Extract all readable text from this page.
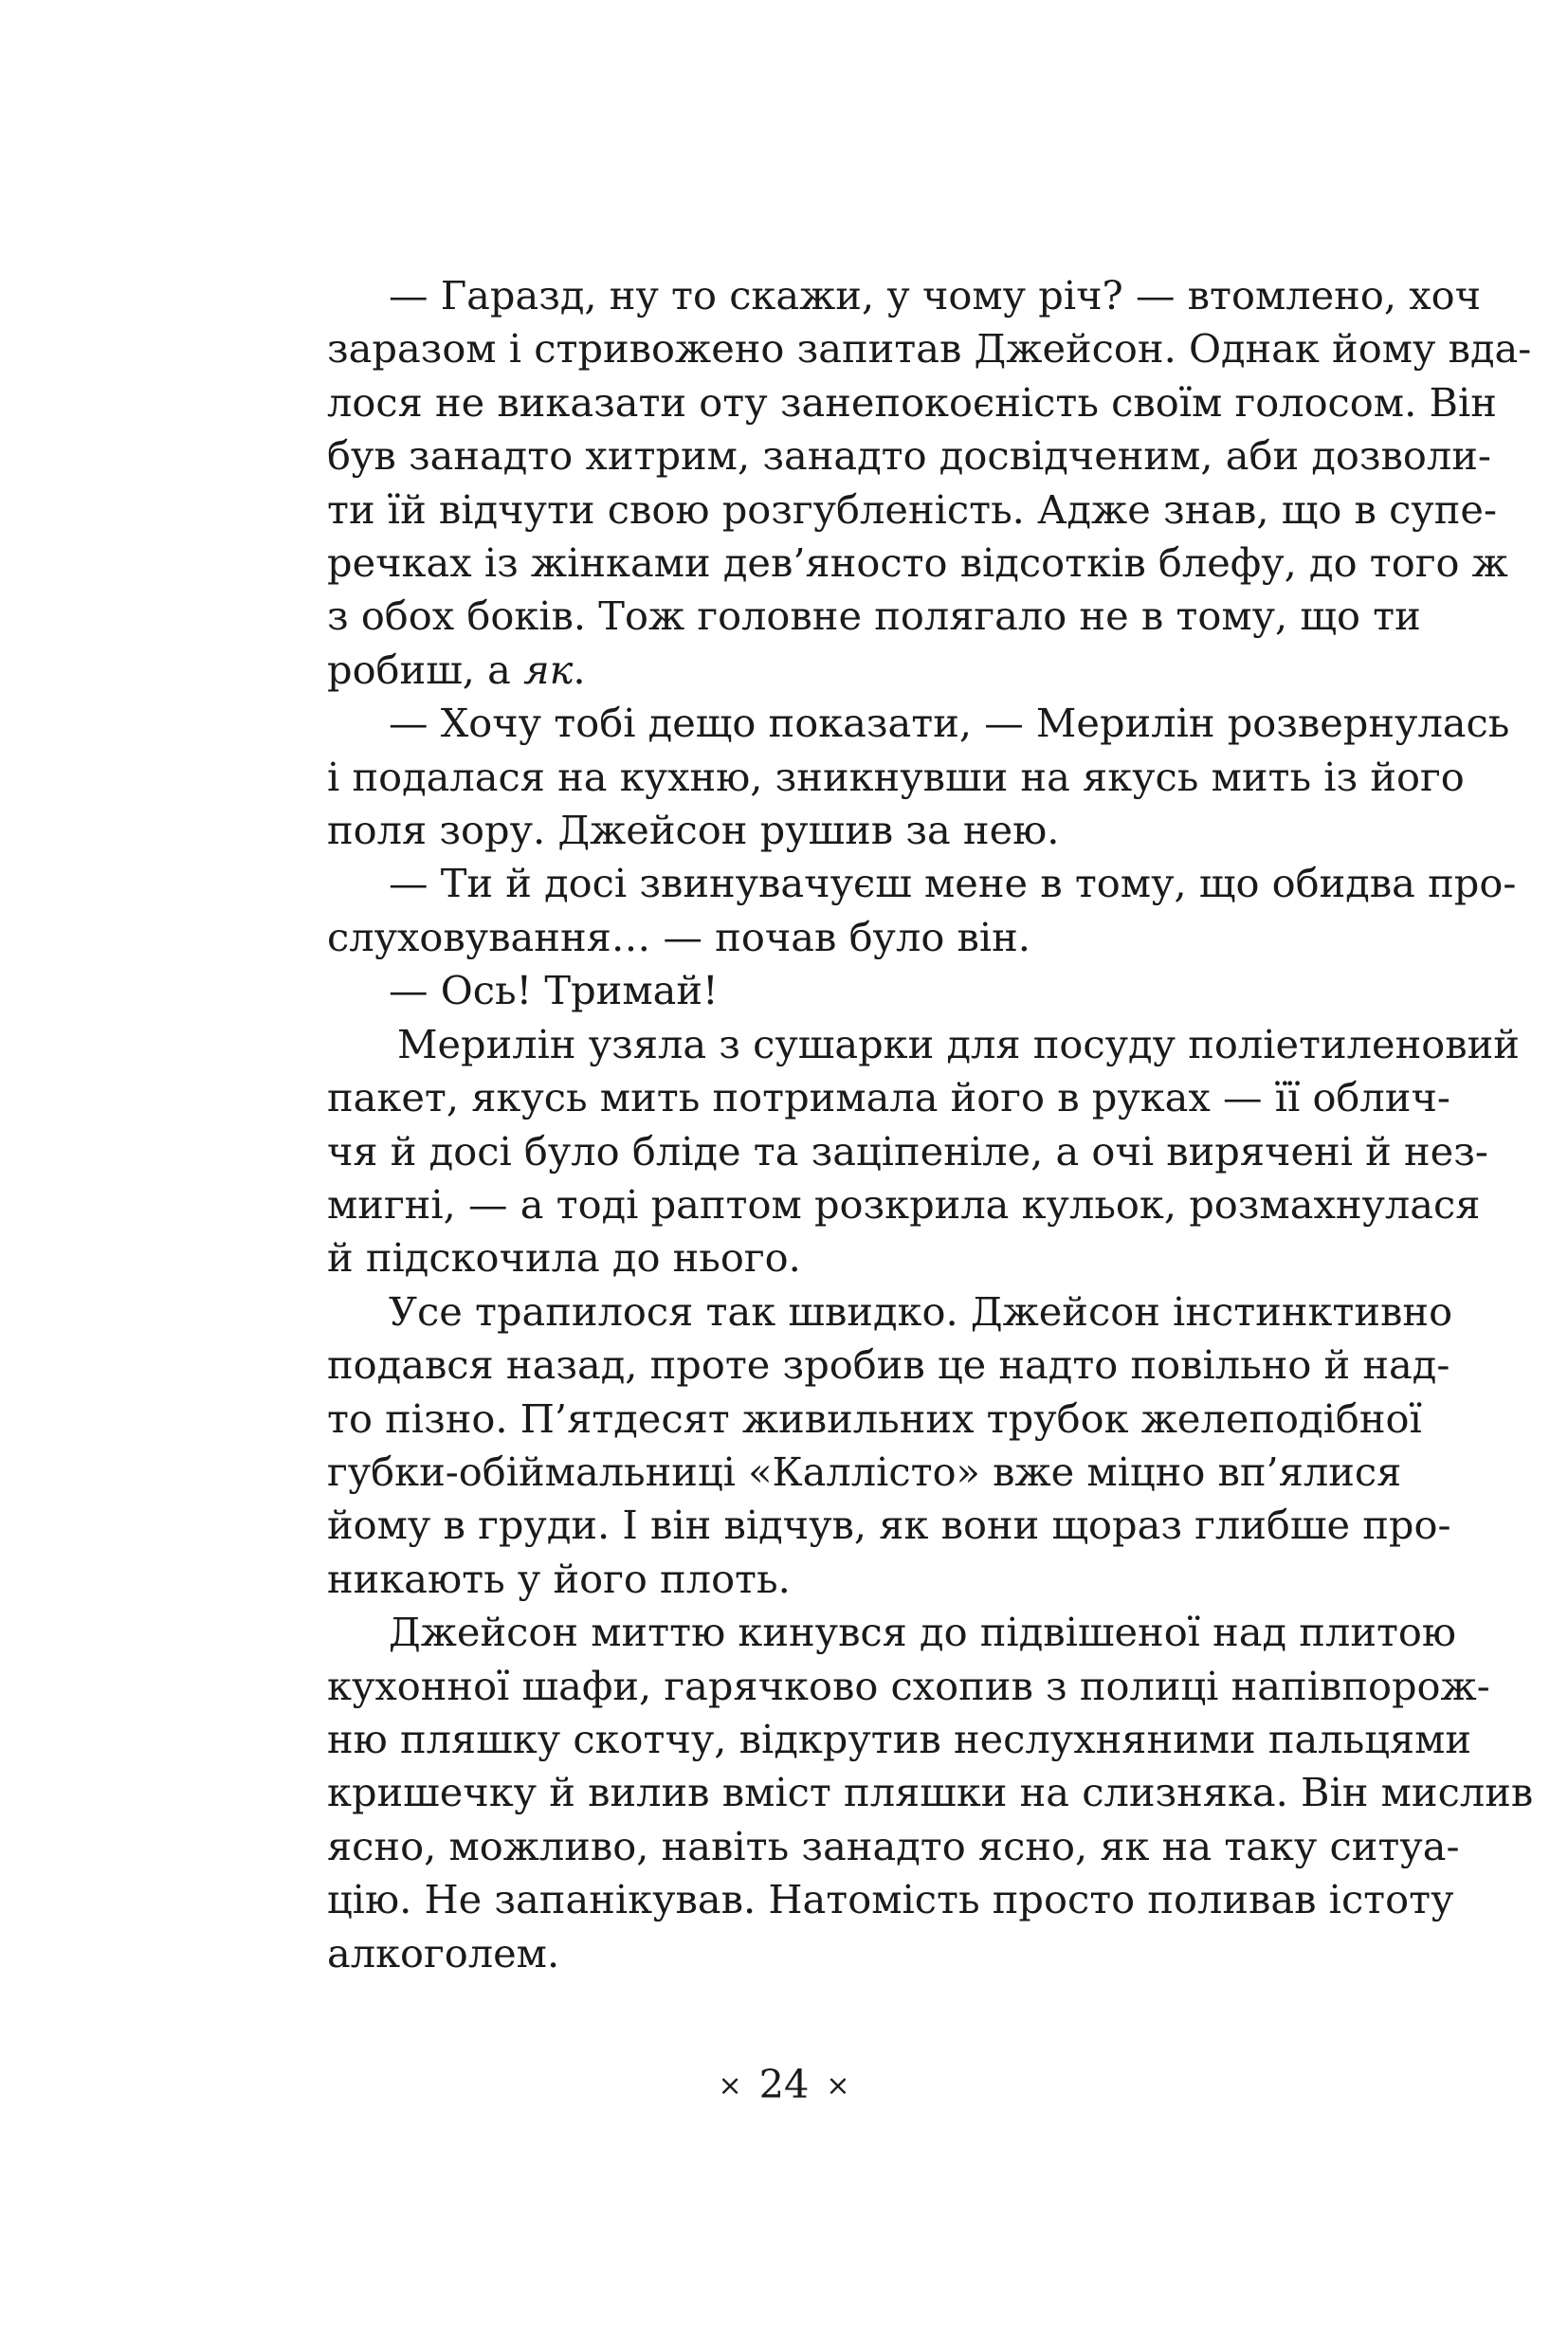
— Гаразд, ну то скажи, у чому річ? — втомлено, хоч
заразом і стривожено запитав Джейсон. Однак йому вда-
лося не виказати оту занепокоєність своїм голосом. Він
був занадто хитрим, занадто досвідченим, аби дозволи-
ти їй відчути свою розгубленість. Адже знав, що в супе-
речках із жінками дев’яносто відсотків блефу, до того ж
з обох боків. Тож головне полягало не в тому, що ти
робиш, а як.
— Хочу тобі дещо показати, — Мерилін розвернулась
і подалася на кухню, зникнувши на якусь мить із його
поля зору. Джейсон рушив за нею.
— Ти й досі звинувачуєш мене в тому, що обидва про-
слуховування… — почав було він.
— Ось! Тримай!
Мерилін узяла з сушарки для посуду поліетиленовий
пакет, якусь мить потримала його в руках — її облич-
чя й досі було бліде та заціпеніле, а очі вирячені й нез-
мигні, — а тоді раптом розкрила кульок, розмахнулася
й підскочила до нього.
Усе трапилося так швидко. Джейсон інстинктивно
подався назад, проте зробив це надто повільно й над-
то пізно. П’ятдесят живильних трубок желеподібної
губки-обіймальниці «Каллісто» вже міцно вп’ялися
йому в груди. І він відчув, як вони щораз глибше про-
никають у його плоть.
Джейсон миттю кинувся до підвішеної над плитою
кухонної шафи, гарячково схопив з полиці напівпорож-
ню пляшку скотчу, відкрутив неслухняними пальцями
кришечку й вилив вміст пляшки на слизняка. Він мислив
ясно, можливо, навіть занадто ясно, як на таку ситуа-
цію. Не запанікував. Натомість просто поливав істоту
алкоголем.
× 24 ×
